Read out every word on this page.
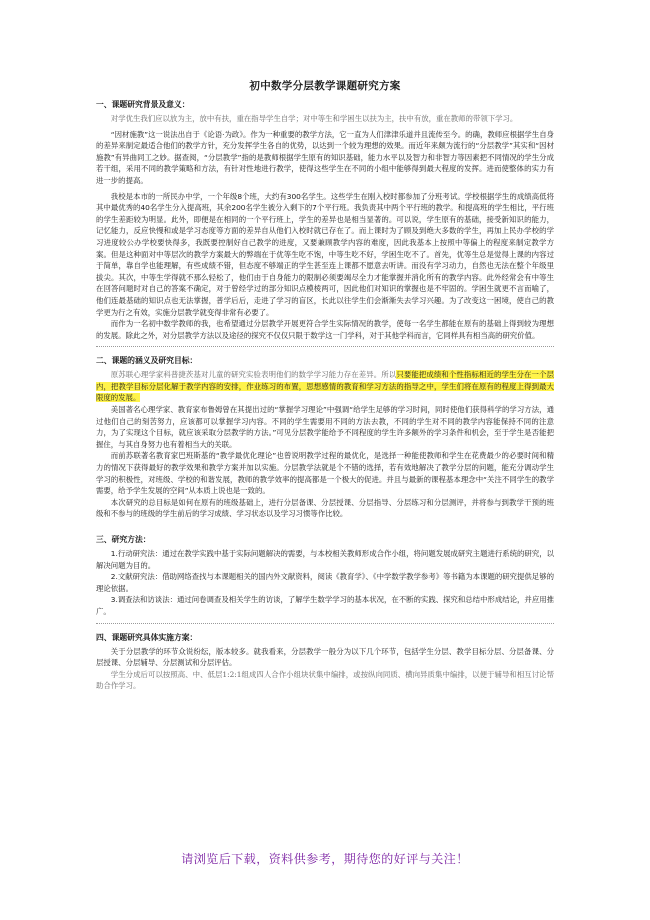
初中数学分层教学课题研究方案
一、课题研究背景及意义：

对学优生我们应以放为主，放中有扶，重在指导学生自学；对中等生和学困生以扶为主，扶中有放，重在教师的带领下学习。

“因材施教”这一说法出自于《论语·为政》。作为一种重要的教学方法，它一直为人们津津乐道并且流传至今。的确，教师应根据学生自身的差异来制定最适合他们的教学方针，充分发挥学生各自的优势，以达到一个较为理想的效果。而近年来颇为流行的“分层教学”其实和“因材施教”有异曲同工之妙。据查阅，“分层教学”指的是教师根据学生原有的知识基础，能力水平以及智力和非智力等因素把不同情况的学生分成若干组，采用不同的教学策略和方法，有针对性地进行教学，使得这些学生在不同的小组中能够得到最大程度的发挥。进而使整体的实力有进一步的提高。

我校是本市的一所民办中学，一个年级8个班，大约有300名学生。这些学生在刚入校时都参加了分班考试。学校根据学生的成绩高低将其中最优秀的40名学生分入提高班，其余200名学生被分入剩下的7个平行班。我负责其中两个平行班的教学。和提高班的学生相比，平行班的学生差距较为明显。此外，即便是在相同的一个平行班上，学生的差异也是相当显著的。可以说，学生原有的基础，接受新知识的能力，记忆能力，反应快慢和或是学习态度等方面的差异自从他们入校时就已存在了。而上课时为了顾及到绝大多数的学生，再加上民办学校的学习进度较公办学校要快得多，我既要控制好自己教学的进度，又要兼顾教学内容的难度，因此我基本上按照中等偏上的程度来制定教学方案。但是这种面对中等层次的教学方案最大的弊端在于优等生吃不饱，中等生吃不好，学困生吃不了。首先，优等生总是觉得上课的内容过于简单，靠自学也能理解，有些成绩不错，但态度不够端正的学生甚至连上课都不愿意去听讲。而没有学习动力，自然也无法在整个年级里拔尖。其次，中等生学得就不那么轻松了，他们由于自身能力的限制必须要竭尽全力才能掌握并消化所有的教学内容。此外经常会有中等生在回答问题时对自己的答案不确定，对于曾经学过的部分知识点模棱两可，因此他们对知识的掌握也是不牢固的。学困生就更不言而喻了，他们连最基础的知识点也无法掌握，普学后后，走进了学习的盲区，长此以往学生们会渐渐失去学习兴趣。为了改变这一困境，使自己的教学更为行之有效，实施分层教学就变得非常有必要了。

而作为一名初中数学教师的我，也希望通过分层教学开展更符合学生实际情况的教学，使每一名学生都能在原有的基础上得到较为理想的发展。除此之外，对分层教学方法以及途径的探究不仅仅只限于数学这一门学科，对于其他学科而言，它同样具有相当高的研究价值。

二、课题的涵义及研究目标：

原苏联心理学家科普捷茨基对儿童的研究实验表明他们的数学学习能力存在差异。所以只要能把成绩和个性指标相近的学生分在一个层内，把教学目标分层化解于教学内容的安排，作业练习的布置，思想感情的教育和学习方法的指导之中，学生们将在原有的程度上得到最大限度的发展。

美国著名心理学家、教育家布鲁姆曾在其提出过的“掌握学习理论”中强调“给学生足够的学习时间，同时使他们获得科学的学习方法，通过他们自己的刻苦努力，应该都可以掌握学习内容。不同的学生需要用不同的方法去教，不同的学生对不同的教学内容能保持不同的注意力，为了实现这个目标，就应该采取分层教学的方法。”可见分层教学能给予不同程度的学生许多额外的学习条件和机会，至于学生是否能把握住，与其自身努力也有着相当大的关联。

而前苏联著名教育家巴班斯基的“教学最优化理论”也曾说明教学过程的最优化，是选择一种能使教师和学生在花费最少的必要时间和精力的情况下获得最好的教学效果和教学方案并加以实施。分层教学法就是个不错的选择，若有效地解决了教学分层的问题，能充分调动学生学习的积极性，对班级、学校的和谐发展，教师的教学效率的提高都是一个极大的促进。并且与最新的课程基本理念中“关注不同学生的教学需要，给予学生发展的空间”从本质上说也是一致的。

本次研究的总目标是如何在原有的班级基础上，进行分层备课、分层授课、分层指导、分层练习和分层测评，并将参与到教学干预的班级和不参与的班级的学生前后的学习成绩、学习状态以及学习习惯等作比较。

三、研究方法：

1.行动研究法：通过在教学实践中基于实际问题解决的需要，与本校相关教师形成合作小组，将问题发展成研究主题进行系统的研究，以解决问题为目的。

2.文献研究法：借助网络查找与本课题相关的国内外文献资料，阅读《教育学》、《中学数学教学参考》等书籍为本课题的研究提供足够的理论依据。

3.调查法和访谈法：通过问卷调查及相关学生的访谈，了解学生数学学习的基本状况，在不断的实践、探究和总结中形成结论，并应用推广。

四、课题研究具体实施方案：

关于分层教学的环节众说纷纭，版本较多。就我看来，分层教学一般分为以下几个环节，包括学生分层、教学目标分层、分层备课、分层授课、分层辅导、分层测试和分层评估。

学生分成后可以按照高、中、低层1:2:1组成四人合作小组块状集中编排，或按纵向同质、横向异质集中编排，以便于辅导和相互讨论帮助合作学习。

请浏览后下载，资料供参考，期待您的好评与关注！
